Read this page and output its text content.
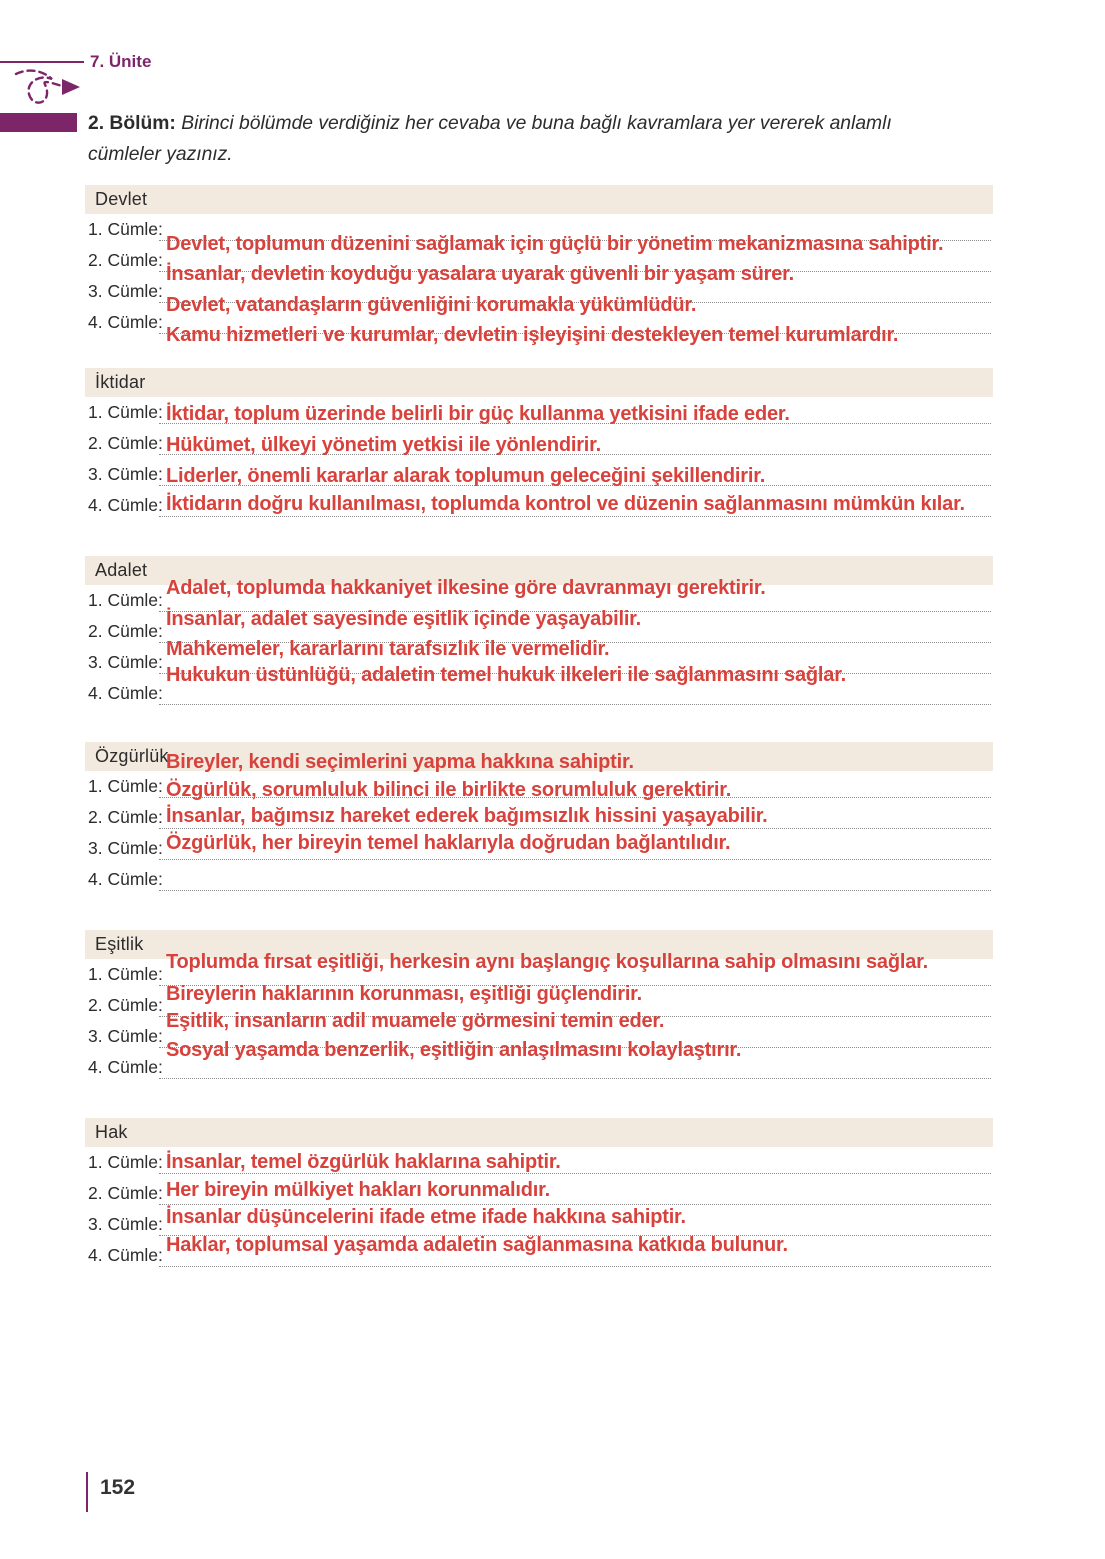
7. Ünite
2. Bölüm: Birinci bölümde verdiğiniz her cevaba ve buna bağlı kavramlara yer vererek anlamlı
cümleler yazınız.
Devlet
1. Cümle:
2. Cümle:
3. Cümle:
4. Cümle:
Devlet, toplumun düzenini sağlamak için güçlü bir yönetim mekanizmasına sahiptir.
İnsanlar, devletin koyduğu yasalara uyarak güvenli bir yaşam sürer.
Devlet, vatandaşların güvenliğini korumakla yükümlüdür.
Kamu hizmetleri ve kurumlar, devletin işleyişini destekleyen temel kurumlardır.
İktidar
1. Cümle:
2. Cümle:
3. Cümle:
4. Cümle:
İktidar, toplum üzerinde belirli bir güç kullanma yetkisini ifade eder.
Hükümet, ülkeyi yönetim yetkisi ile yönlendirir.
Liderler, önemli kararlar alarak toplumun geleceğini şekillendirir.
İktidarın doğru kullanılması, toplumda kontrol ve düzenin sağlanmasını mümkün kılar.
Adalet
1. Cümle:
2. Cümle:
3. Cümle:
4. Cümle:
Adalet, toplumda hakkaniyet ilkesine göre davranmayı gerektirir.
İnsanlar, adalet sayesinde eşitlik içinde yaşayabilir.
Mahkemeler, kararlarını tarafsızlık ile vermelidir.
Hukukun üstünlüğü, adaletin temel hukuk ilkeleri ile sağlanmasını sağlar.
Özgürlük
1. Cümle:
2. Cümle:
3. Cümle:
4. Cümle:
Bireyler, kendi seçimlerini yapma hakkına sahiptir.
Özgürlük, sorumluluk bilinci ile birlikte sorumluluk gerektirir.
İnsanlar, bağımsız hareket ederek bağımsızlık hissini yaşayabilir.
Özgürlük, her bireyin temel haklarıyla doğrudan bağlantılıdır.
Eşitlik
1. Cümle:
2. Cümle:
3. Cümle:
4. Cümle:
Toplumda fırsat eşitliği, herkesin aynı başlangıç koşullarına sahip olmasını sağlar.
Bireylerin haklarının korunması, eşitliği güçlendirir.
Eşitlik, insanların adil muamele görmesini temin eder.
Sosyal yaşamda benzerlik, eşitliğin anlaşılmasını kolaylaştırır.
Hak
1. Cümle:
2. Cümle:
3. Cümle:
4. Cümle:
İnsanlar, temel özgürlük haklarına sahiptir.
Her bireyin mülkiyet hakları korunmalıdır.
İnsanlar düşüncelerini ifade etme ifade hakkına sahiptir.
Haklar, toplumsal yaşamda adaletin sağlanmasına katkıda bulunur.
152
